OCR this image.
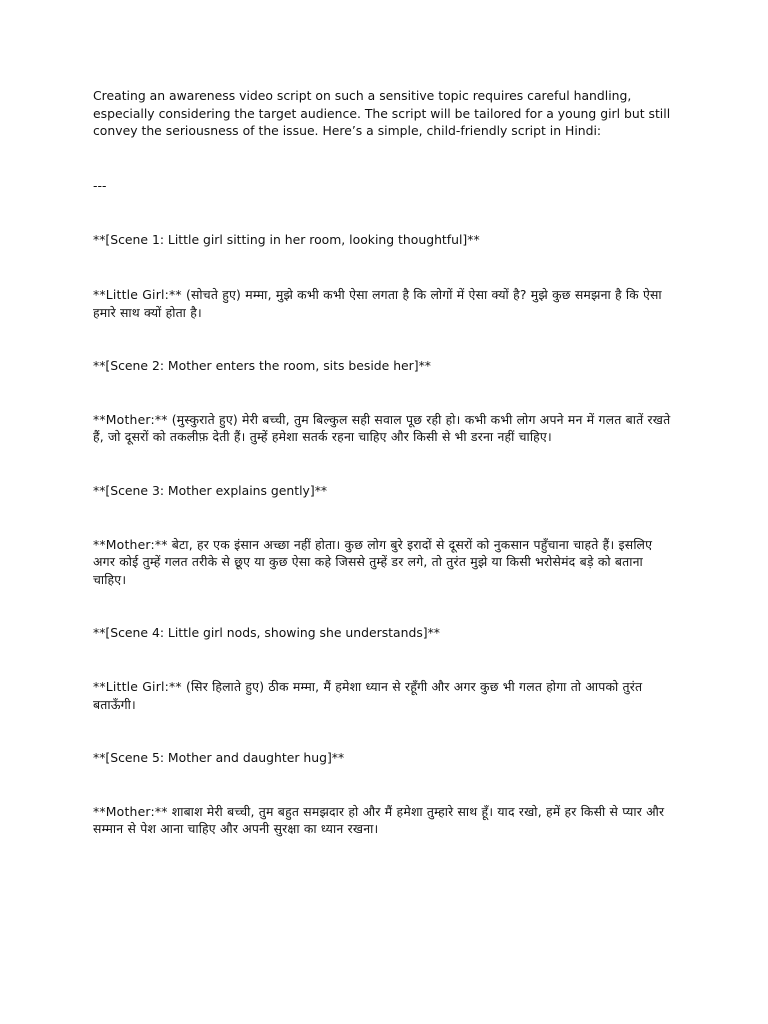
Creating an awareness video script on such a sensitive topic requires careful handling, especially considering the target audience. The script will be tailored for a young girl but still convey the seriousness of the issue. Here’s a simple, child-friendly script in Hindi:

---

**[Scene 1: Little girl sitting in her room, looking thoughtful]**

**Little Girl:** (सोचते हुए) मम्मा, मुझे कभी कभी ऐसा लगता है कि लोगों में ऐसा क्यों है? मुझे कुछ समझना है कि ऐसा हमारे साथ क्यों होता है।

**[Scene 2: Mother enters the room, sits beside her]**

**Mother:** (मुस्कुराते हुए) मेरी बच्ची, तुम बिल्कुल सही सवाल पूछ रही हो। कभी कभी लोग अपने मन में गलत बातें रखते हैं, जो दूसरों को तकलीफ़ देती हैं। तुम्हें हमेशा सतर्क रहना चाहिए और किसी से भी डरना नहीं चाहिए।

**[Scene 3: Mother explains gently]**

**Mother:** बेटा, हर एक इंसान अच्छा नहीं होता। कुछ लोग बुरे इरादों से दूसरों को नुकसान पहुँचाना चाहते हैं। इसलिए अगर कोई तुम्हें गलत तरीके से छूए या कुछ ऐसा कहे जिससे तुम्हें डर लगे, तो तुरंत मुझे या किसी भरोसेमंद बड़े को बताना चाहिए।

**[Scene 4: Little girl nods, showing she understands]**

**Little Girl:** (सिर हिलाते हुए) ठीक मम्मा, मैं हमेशा ध्यान से रहूँगी और अगर कुछ भी गलत होगा तो आपको तुरंत बताऊँगी।

**[Scene 5: Mother and daughter hug]**

**Mother:** शाबाश मेरी बच्ची, तुम बहुत समझदार हो और मैं हमेशा तुम्हारे साथ हूँ। याद रखो, हमें हर किसी से प्यार और सम्मान से पेश आना चाहिए और अपनी सुरक्षा का ध्यान रखना।
